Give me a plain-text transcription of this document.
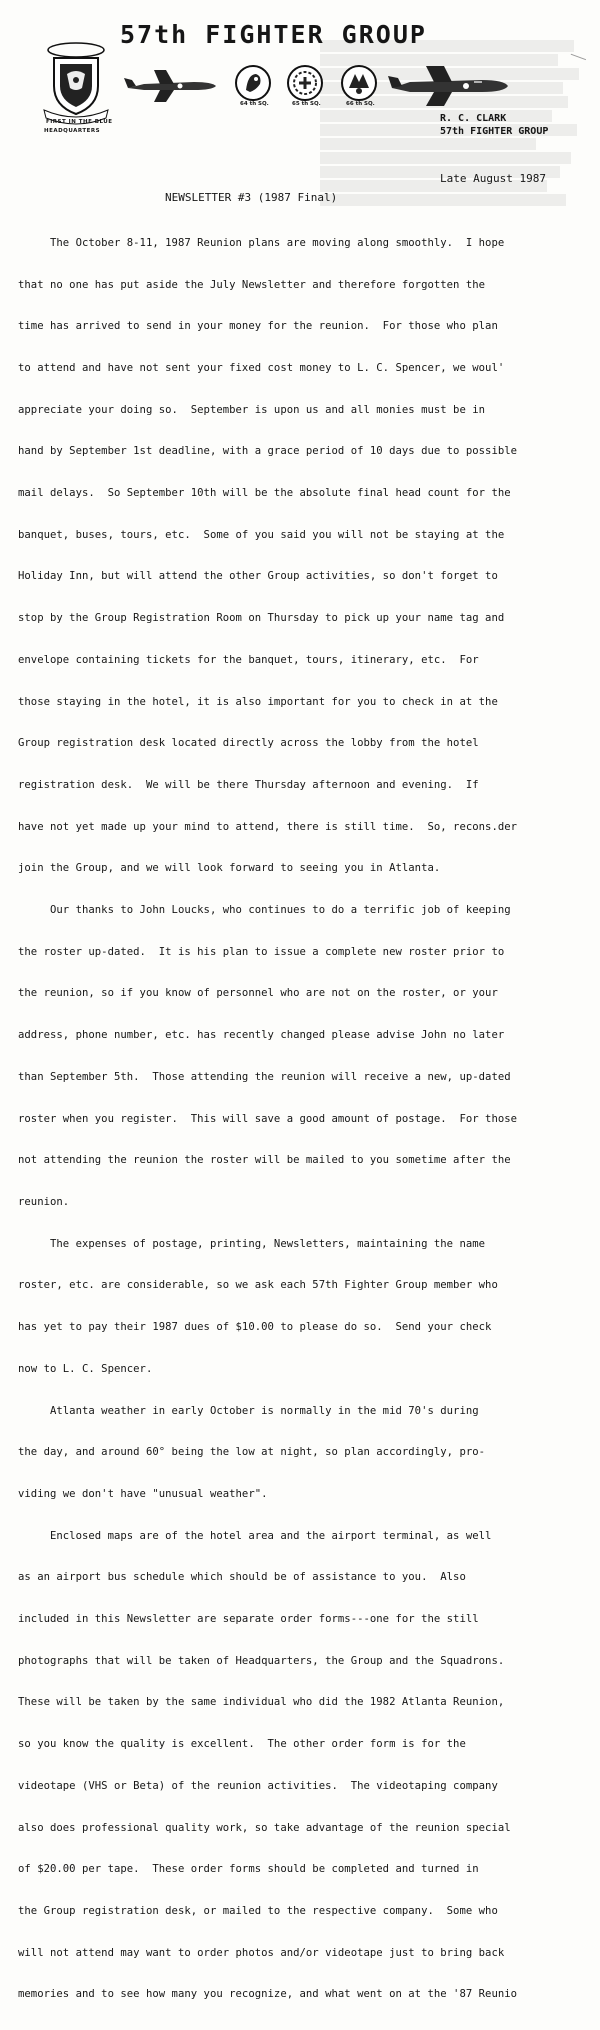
57th FIGHTER GROUP
FIRST IN THE BLUE
HEADQUARTERS
64 th SQ.	65 th SQ.	66 th SQ.
R. C. CLARK
57th FIGHTER GROUP
Late August 1987
NEWSLETTER #3 (1987 Final)

The October 8-11, 1987 Reunion plans are moving along smoothly.  I hope

that no one has put aside the July Newsletter and therefore forgotten the

time has arrived to send in your money for the reunion.  For those who plan

to attend and have not sent your fixed cost money to L. C. Spencer, we woul'

appreciate your doing so.  September is upon us and all monies must be in

hand by September 1st deadline, with a grace period of 10 days due to possible

mail delays.  So September 10th will be the absolute final head count for the

banquet, buses, tours, etc.  Some of you said you will not be staying at the

Holiday Inn, but will attend the other Group activities, so don't forget to

stop by the Group Registration Room on Thursday to pick up your name tag and

envelope containing tickets for the banquet, tours, itinerary, etc.  For

those staying in the hotel, it is also important for you to check in at the

Group registration desk located directly across the lobby from the hotel

registration desk.  We will be there Thursday afternoon and evening.  If

have not yet made up your mind to attend, there is still time.  So, recons.der

join the Group, and we will look forward to seeing you in Atlanta.

Our thanks to John Loucks, who continues to do a terrific job of keeping

the roster up-dated.  It is his plan to issue a complete new roster prior to

the reunion, so if you know of personnel who are not on the roster, or your

address, phone number, etc. has recently changed please advise John no later

than September 5th.  Those attending the reunion will receive a new, up-dated

roster when you register.  This will save a good amount of postage.  For those

not attending the reunion the roster will be mailed to you sometime after the

reunion.

The expenses of postage, printing, Newsletters, maintaining the name

roster, etc. are considerable, so we ask each 57th Fighter Group member who

has yet to pay their 1987 dues of $10.00 to please do so.  Send your check

now to L. C. Spencer.

Atlanta weather in early October is normally in the mid 70's during

the day, and around 60° being the low at night, so plan accordingly, pro-

viding we don't have "unusual weather".

Enclosed maps are of the hotel area and the airport terminal, as well

as an airport bus schedule which should be of assistance to you.  Also

included in this Newsletter are separate order forms---one for the still

photographs that will be taken of Headquarters, the Group and the Squadrons.

These will be taken by the same individual who did the 1982 Atlanta Reunion,

so you know the quality is excellent.  The other order form is for the

videotape (VHS or Beta) of the reunion activities.  The videotaping company

also does professional quality work, so take advantage of the reunion special

of $20.00 per tape.  These order forms should be completed and turned in

the Group registration desk, or mailed to the respective company.  Some who

will not attend may want to order photos and/or videotape just to bring back

memories and to see how many you recognize, and what went on at the '87 Reunio
